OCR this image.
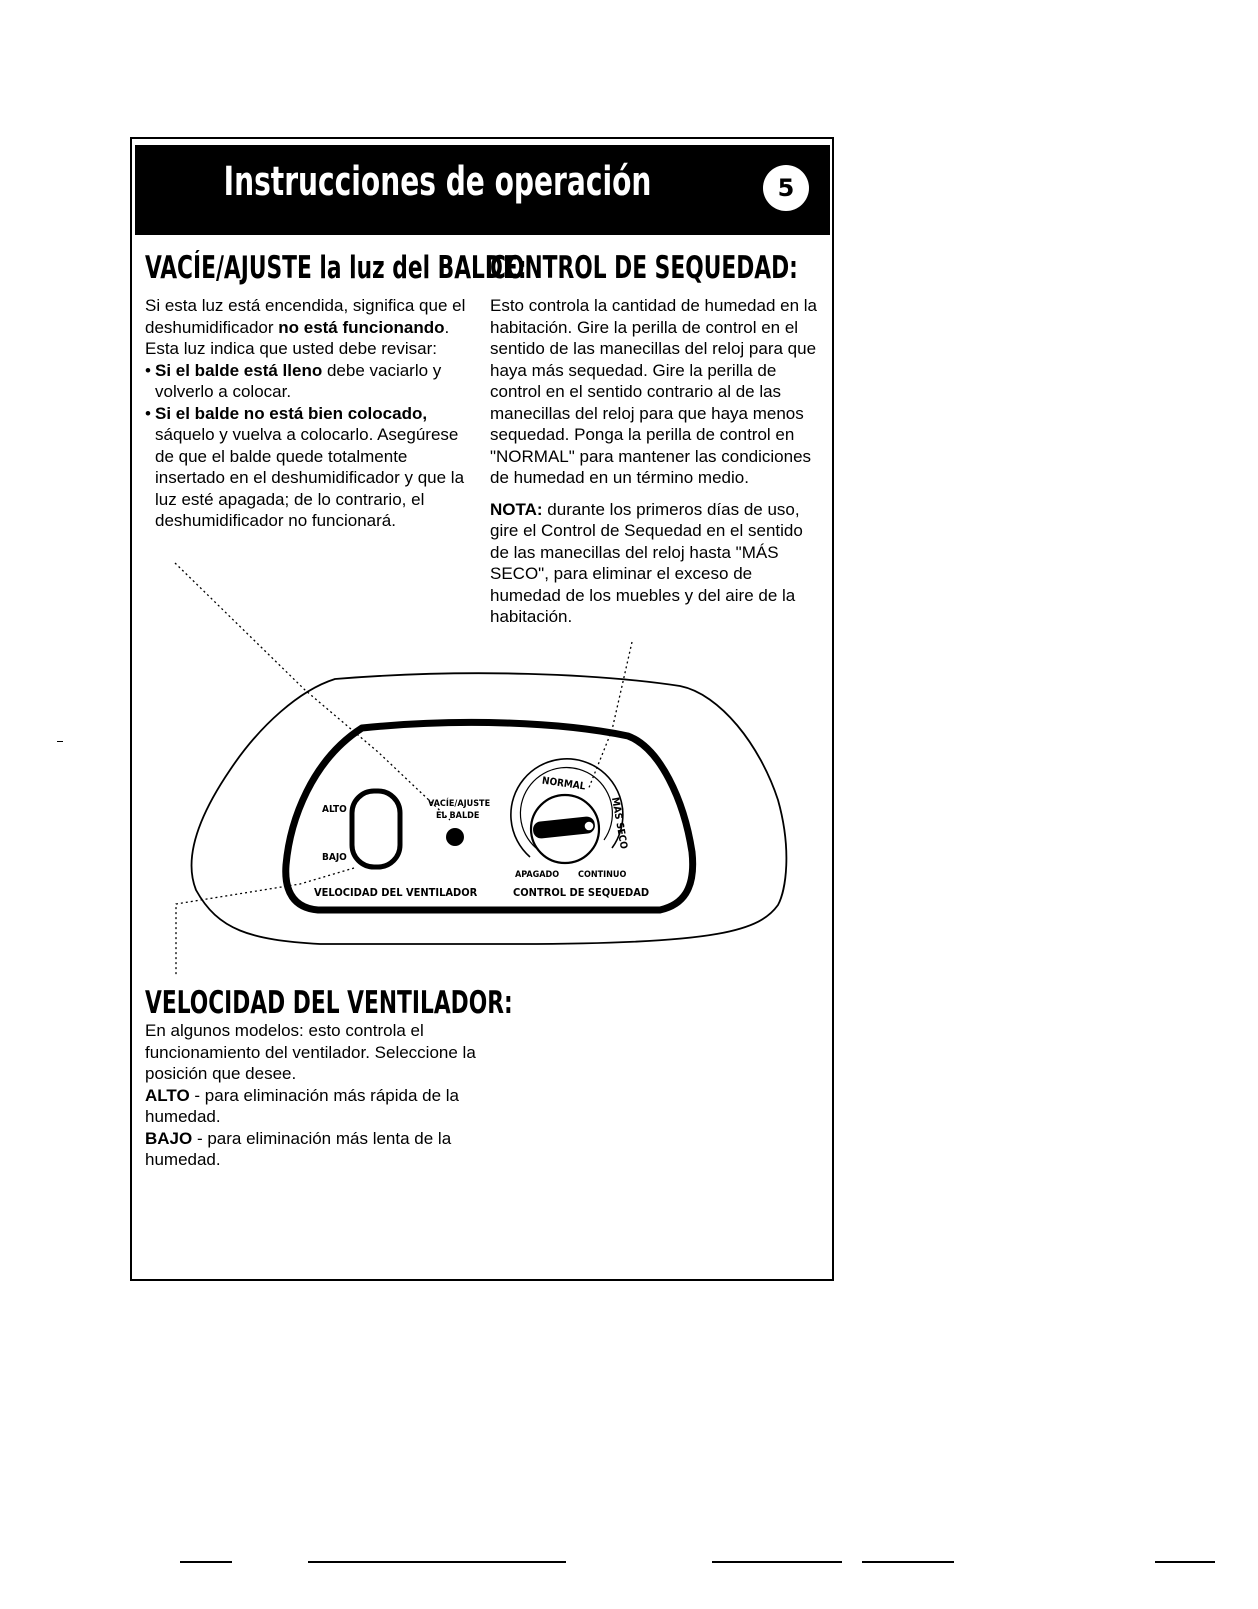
Instrucciones de operación	5
VACÍE/AJUSTE la luz del BALDE:

Si esta luz está encendida, significa que el deshumidificador no está funcionando. Esta luz indica que usted debe revisar:

• Si el balde está lleno debe vaciarlo y volverlo a colocar.
• Si el balde no está bien colocado, sáquelo y vuelva a colocarlo. Asegúrese de que el balde quede totalmente insertado en el deshumidificador y que la luz esté apagada; de lo contrario, el deshumidificador no funcionará.
CONTROL DE SEQUEDAD:

Esto controla la cantidad de humedad en la habitación. Gire la perilla de control en el sentido de las manecillas del reloj para que haya más sequedad. Gire la perilla de control en el sentido contrario al de las manecillas del reloj para que haya menos sequedad. Ponga la perilla de control en "NORMAL" para mantener las condiciones de humedad en un término medio.

NOTA: durante los primeros días de uso, gire el Control de Sequedad en el sentido de las manecillas del reloj hasta "MÁS SECO", para eliminar el exceso de humedad de los muebles y del aire de la habitación.

ALTO
BAJO
VELOCIDAD DEL VENTILADOR
VACÍE/AJUSTE
EL BALDE
NORMAL
MÁS SECO
APAGADO CONTINUO
CONTROL DE SEQUEDAD
VELOCIDAD DEL VENTILADOR:

En algunos modelos: esto controla el funcionamiento del ventilador. Seleccione la posición que desee.

ALTO - para eliminación más rápida de la humedad.

BAJO - para eliminación más lenta de la humedad.
